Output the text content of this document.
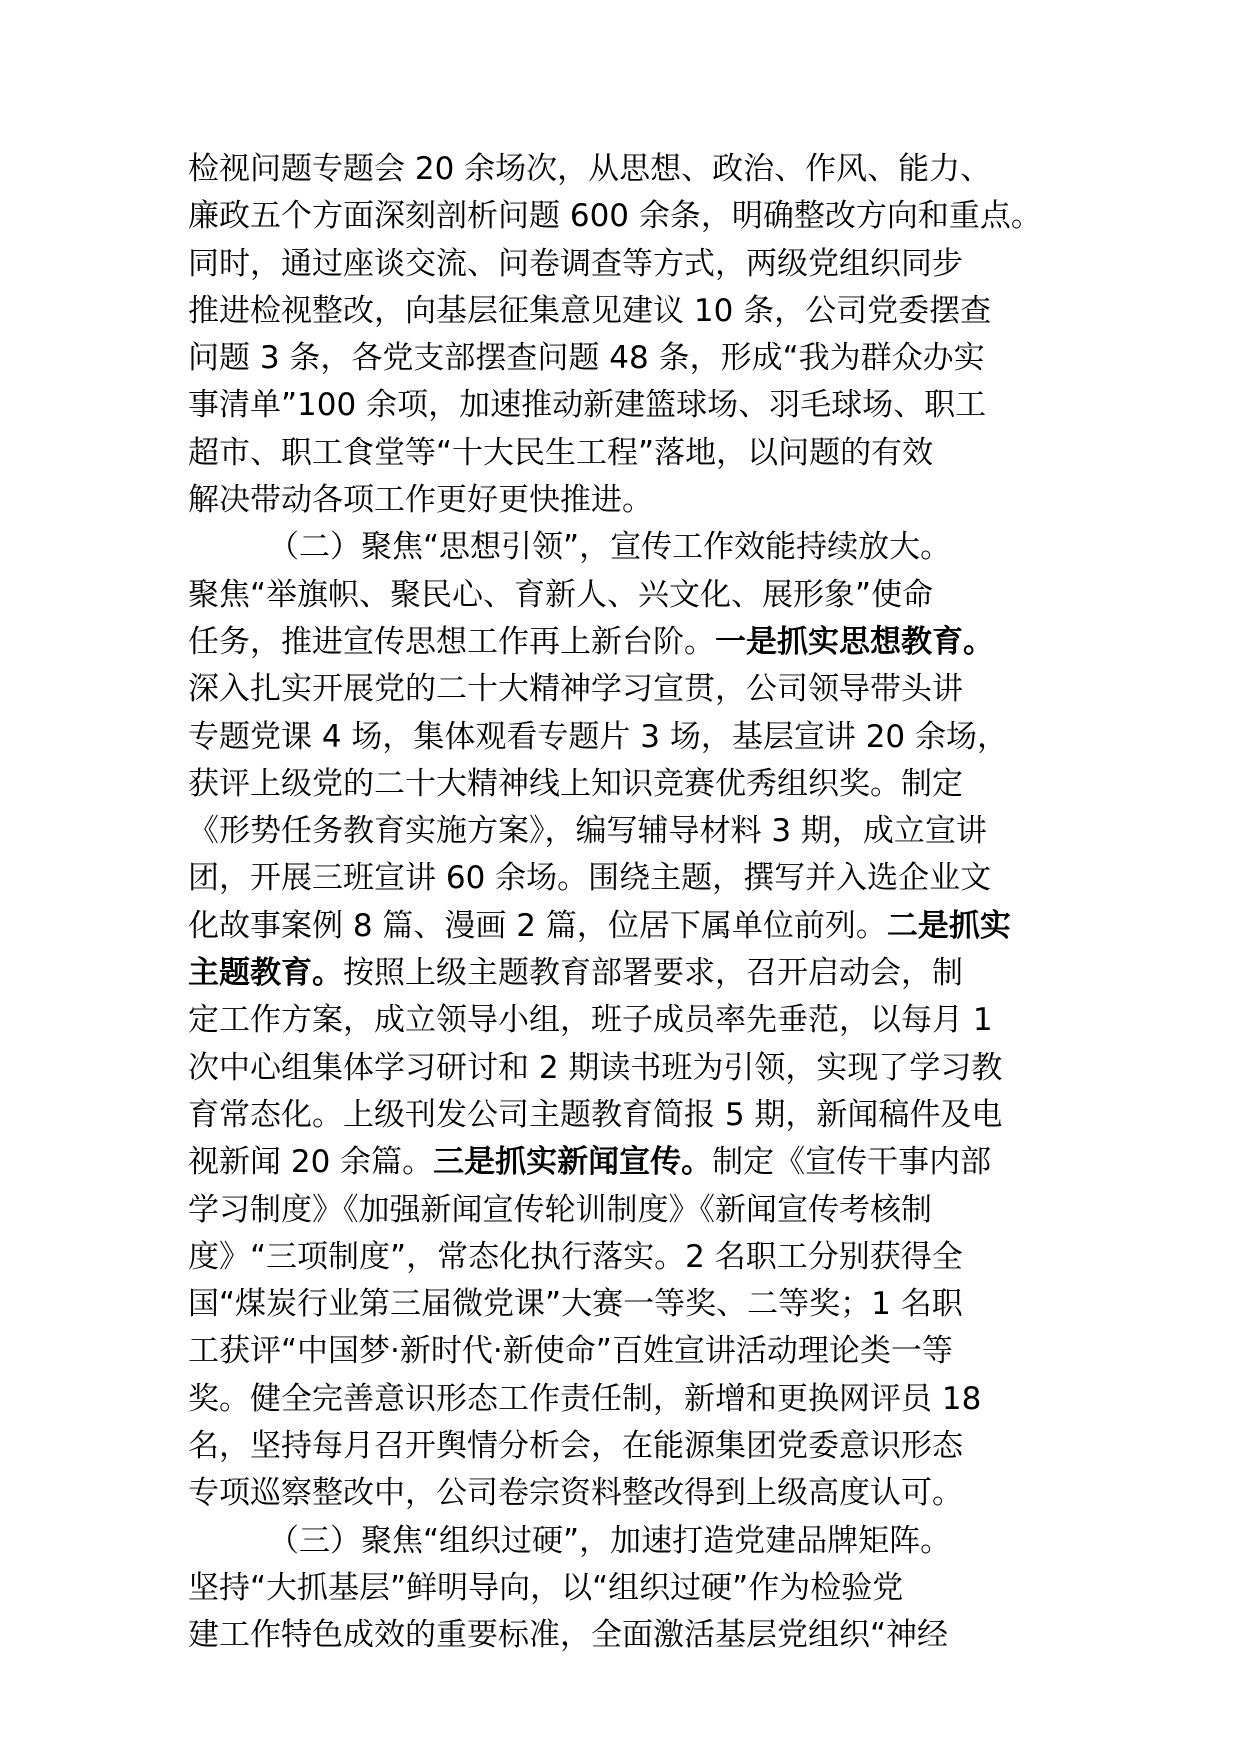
检视问题专题会 20 余场次，从思想、政治、作风、能力、
廉政五个方面深刻剖析问题 600 余条，明确整改方向和重点。
同时，通过座谈交流、问卷调查等方式，两级党组织同步
推进检视整改，向基层征集意见建议 10 条，公司党委摆查
问题 3 条，各党支部摆查问题 48 条，形成“我为群众办实
事清单”100 余项，加速推动新建篮球场、羽毛球场、职工
超市、职工食堂等“十大民生工程”落地，以问题的有效
解决带动各项工作更好更快推进。
（二）聚焦“思想引领”，宣传工作效能持续放大。
聚焦“举旗帜、聚民心、育新人、兴文化、展形象”使命
任务，推进宣传思想工作再上新台阶。一是抓实思想教育。
深入扎实开展党的二十大精神学习宣贯，公司领导带头讲
专题党课 4 场，集体观看专题片 3 场，基层宣讲 20 余场，
获评上级党的二十大精神线上知识竞赛优秀组织奖。制定
《形势任务教育实施方案》，编写辅导材料 3 期，成立宣讲
团，开展三班宣讲 60 余场。围绕主题，撰写并入选企业文
化故事案例 8 篇、漫画 2 篇，位居下属单位前列。二是抓实
主题教育。按照上级主题教育部署要求，召开启动会，制
定工作方案，成立领导小组，班子成员率先垂范，以每月 1
次中心组集体学习研讨和 2 期读书班为引领，实现了学习教
育常态化。上级刊发公司主题教育简报 5 期，新闻稿件及电
视新闻 20 余篇。三是抓实新闻宣传。制定《宣传干事内部
学习制度》《加强新闻宣传轮训制度》《新闻宣传考核制
度》“三项制度”，常态化执行落实。2 名职工分别获得全
国“煤炭行业第三届微党课”大赛一等奖、二等奖；1 名职
工获评“中国梦·新时代·新使命”百姓宣讲活动理论类一等
奖。健全完善意识形态工作责任制，新增和更换网评员 18
名，坚持每月召开舆情分析会，在能源集团党委意识形态
专项巡察整改中，公司卷宗资料整改得到上级高度认可。
（三）聚焦“组织过硬”，加速打造党建品牌矩阵。
坚持“大抓基层”鲜明导向，以“组织过硬”作为检验党
建工作特色成效的重要标准，全面激活基层党组织“神经
